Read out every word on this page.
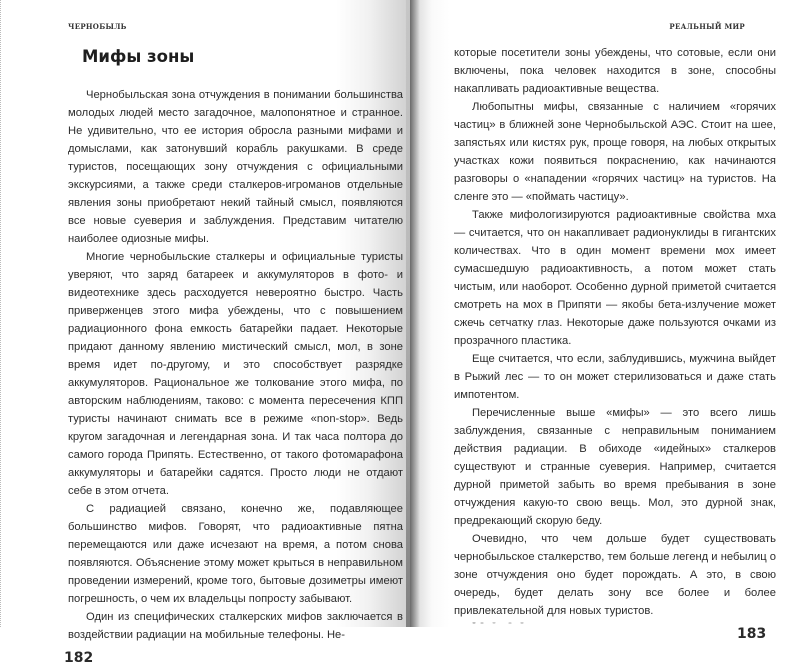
ЧЕРНОБЫЛЬ
Мифы зоны

Чернобыльская зона отчуждения в понимании большинства молодых людей место загадочное, малопонятное и странное. Не удивительно, что ее история обросла разными мифами и домыслами, как затонувший корабль ракушками. В среде туристов, посещающих зону отчуждения с официальными экскурсиями, а также среди сталкеров-игроманов отдельные явления зоны приобретают некий тайный смысл, появляются все новые суеверия и заблуждения. Представим читателю наиболее одиозные мифы.

Многие чернобыльские сталкеры и официальные туристы уверяют, что заряд батареек и аккумуляторов в фото- и видеотехнике здесь расходуется невероятно быстро. Часть приверженцев этого мифа убеждены, что с повышением радиационного фона емкость батарейки падает. Некоторые придают данному явлению мистический смысл, мол, в зоне время идет по-другому, и это способствует разрядке аккумуляторов. Рациональное же толкование этого мифа, по авторским наблюдениям, таково: с момента пересечения КПП туристы начинают снимать все в режиме «non-stop». Ведь кругом загадочная и легендарная зона. И так часа полтора до самого города Припять. Естественно, от такого фотомарафона аккумуляторы и батарейки садятся. Просто люди не отдают себе в этом отчета.

С радиацией связано, конечно же, подавляющее большинство мифов. Говорят, что радиоактивные пятна перемещаются или даже исчезают на время, а потом снова появляются. Объяснение этому может крыться в неправильном проведении измерений, кроме того, бытовые дозиметры имеют погрешность, о чем их владельцы попросту забывают.

Один из специфических сталкерских мифов заключается в воздействии радиации на мобильные телефоны. Не-

182
РЕАЛЬНЫЙ МИР

которые посетители зоны убеждены, что сотовые, если они включены, пока человек находится в зоне, способны накапливать радиоактивные вещества.

Любопытны мифы, связанные с наличием «горячих частиц» в ближней зоне Чернобыльской АЭС. Стоит на шее, запястьях или кистях рук, проще говоря, на любых открытых участках кожи появиться покраснению, как начинаются разговоры о «нападении «горячих частиц» на туристов. На сленге это — «поймать частицу».

Также мифологизируются радиоактивные свойства мха — считается, что он накапливает радионуклиды в гигантских количествах. Что в один момент времени мох имеет сумасшедшую радиоактивность, а потом может стать чистым, или наоборот. Особенно дурной приметой считается смотреть на мох в Припяти — якобы бета-излучение может сжечь сетчатку глаз. Некоторые даже пользуются очками из прозрачного пластика.

Еще считается, что если, заблудившись, мужчина выйдет в Рыжий лес — то он может стерилизоваться и даже стать импотентом.

Перечисленные выше «мифы» — это всего лишь заблуждения, связанные с неправильным пониманием действия радиации. В обиходе «идейных» сталкеров существуют и странные суеверия. Например, считается дурной приметой забыть во время пребывания в зоне отчуждения какую-то свою вещь. Мол, это дурной знак, предрекающий скорую беду.

Очевидно, что чем дольше будет существовать чернобыльское сталкерство, тем больше легенд и небылиц о зоне отчуждения оно будет порождать. А это, в свою очередь, будет делать зону все более и более привлекательной для новых туристов.

183
